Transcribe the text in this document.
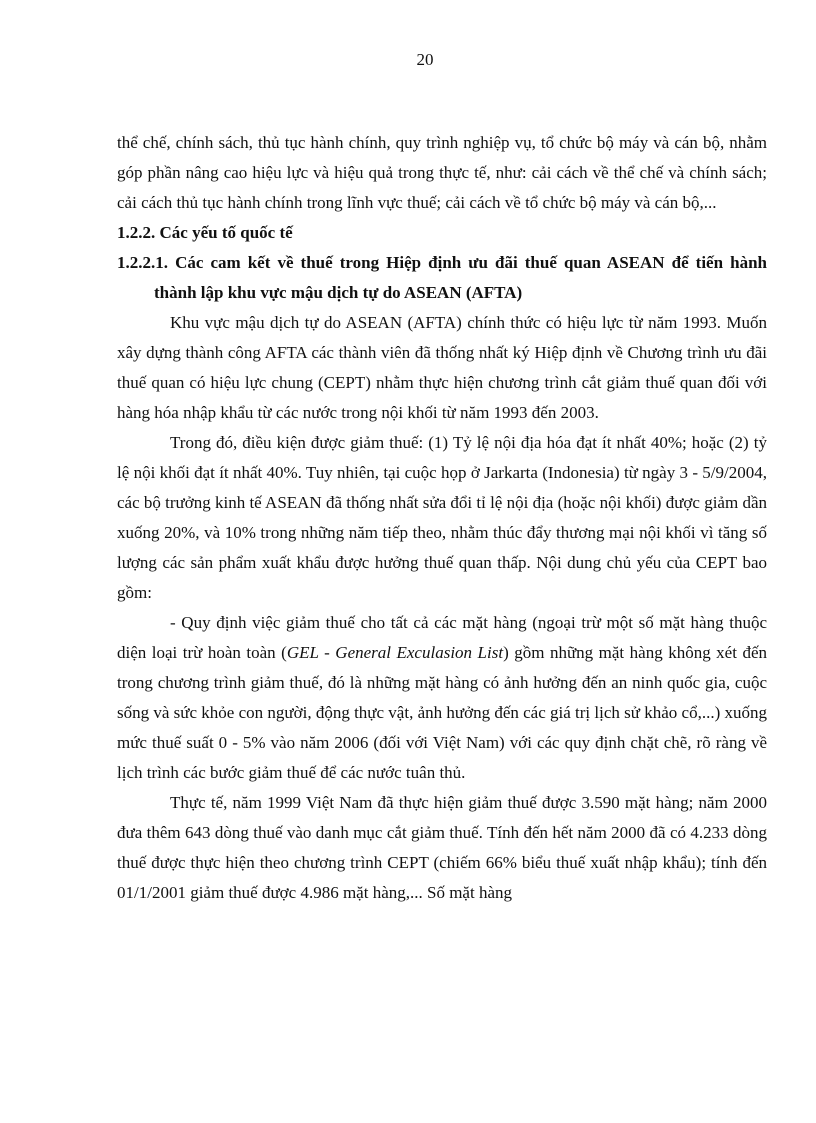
20

thể chế, chính sách, thủ tục hành chính, quy trình nghiệp vụ, tổ chức bộ máy và cán bộ, nhằm góp phần nâng cao hiệu lực và hiệu quả trong thực tế, như: cải cách về thể chế và chính sách; cải cách thủ tục hành chính trong lĩnh vực thuế; cải cách về tổ chức bộ máy và cán bộ,...

1.2.2. Các yếu tố quốc tế

1.2.2.1. Các cam kết về thuế trong Hiệp định ưu đãi thuế quan ASEAN để tiến hành thành lập khu vực mậu dịch tự do ASEAN (AFTA)

Khu vực mậu dịch tự do ASEAN (AFTA) chính thức có hiệu lực từ năm 1993. Muốn xây dựng thành công AFTA các thành viên đã thống nhất ký Hiệp định về Chương trình ưu đãi thuế quan có hiệu lực chung (CEPT) nhằm thực hiện chương trình cắt giảm thuế quan đối với hàng hóa nhập khẩu từ các nước trong nội khối từ năm 1993 đến 2003.

Trong đó, điều kiện được giảm thuế: (1) Tỷ lệ nội địa hóa đạt ít nhất 40%; hoặc (2) tỷ lệ nội khối đạt ít nhất 40%. Tuy nhiên, tại cuộc họp ở Jarkarta (Indonesia) từ ngày 3 - 5/9/2004, các bộ trưởng kinh tế ASEAN đã thống nhất sửa đổi tỉ lệ nội địa (hoặc nội khối) được giảm dần xuống 20%, và 10% trong những năm tiếp theo, nhằm thúc đẩy thương mại nội khối vì tăng số lượng các sản phẩm xuất khẩu được hưởng thuế quan thấp. Nội dung chủ yếu của CEPT bao gồm:

- Quy định việc giảm thuế cho tất cả các mặt hàng (ngoại trừ một số mặt hàng thuộc diện loại trừ hoàn toàn (GEL - General Exculasion List) gồm những mặt hàng không xét đến trong chương trình giảm thuế, đó là những mặt hàng có ảnh hưởng đến an ninh quốc gia, cuộc sống và sức khỏe con người, động thực vật, ảnh hưởng đến các giá trị lịch sử khảo cổ,...) xuống mức thuế suất 0 - 5% vào năm 2006 (đối với Việt Nam) với các quy định chặt chẽ, rõ ràng về lịch trình các bước giảm thuế để các nước tuân thủ.

Thực tế, năm 1999 Việt Nam đã thực hiện giảm thuế được 3.590 mặt hàng; năm 2000 đưa thêm 643 dòng thuế vào danh mục cắt giảm thuế. Tính đến hết năm 2000 đã có 4.233 dòng thuế được thực hiện theo chương trình CEPT (chiếm 66% biểu thuế xuất nhập khẩu); tính đến 01/1/2001 giảm thuế được 4.986 mặt hàng,... Số mặt hàng
